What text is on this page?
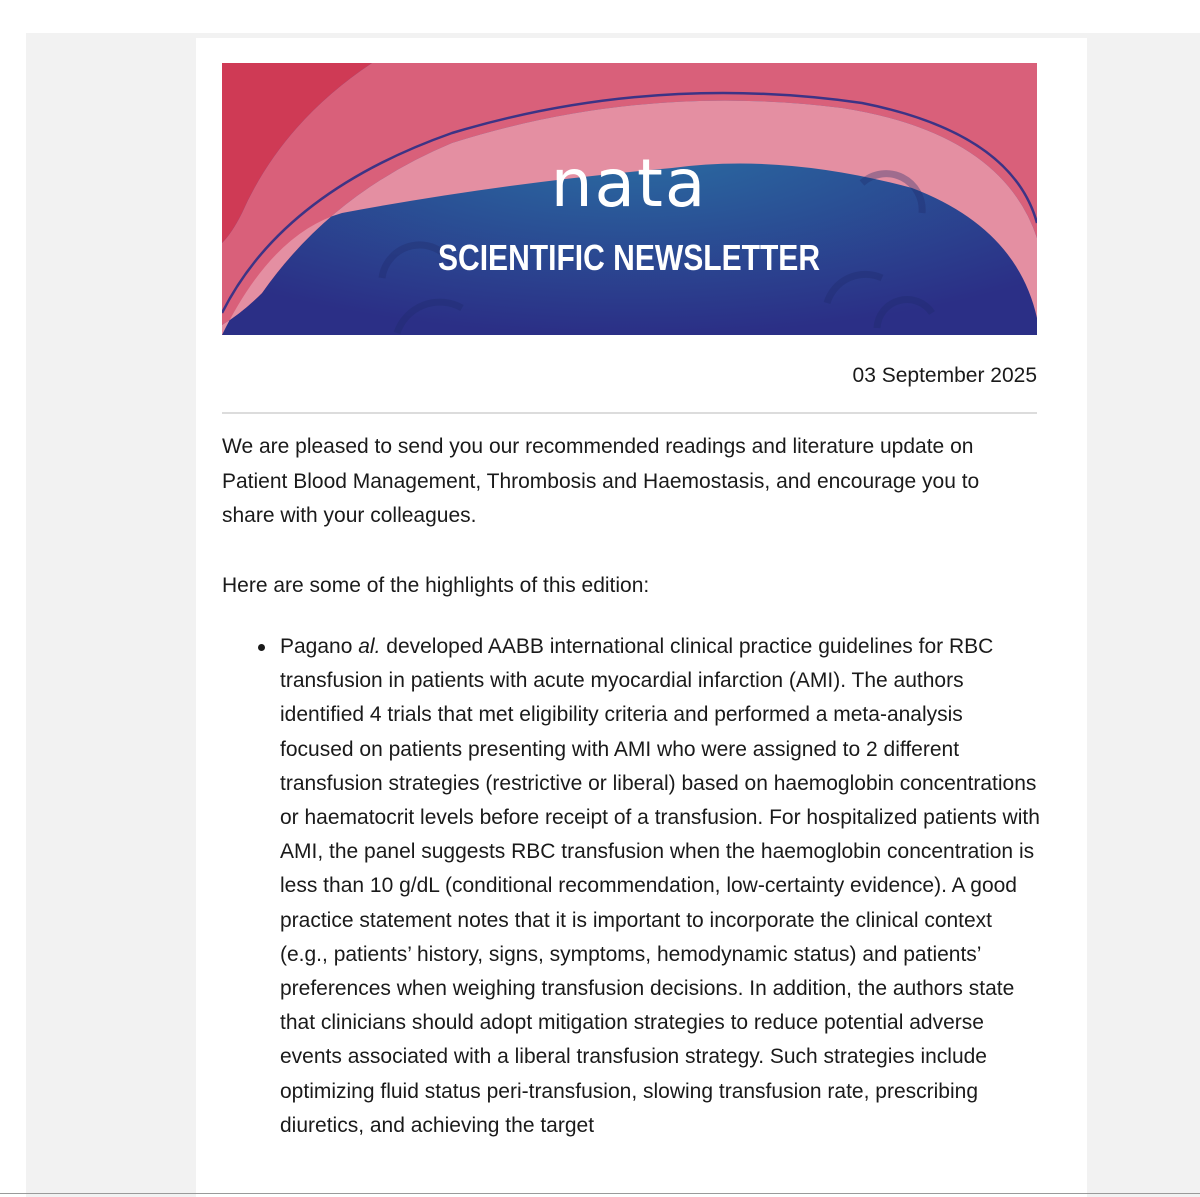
nata
SCIENTIFIC NEWSLETTER
03 September 2025

We are pleased to send you our recommended readings and literature update on Patient Blood Management, Thrombosis and Haemostasis, and encourage you to share with your colleagues.

Here are some of the highlights of this edition:

Pagano al. developed AABB international clinical practice guidelines for RBC transfusion in patients with acute myocardial infarction (AMI). The authors identified 4 trials that met eligibility criteria and performed a meta-analysis focused on patients presenting with AMI who were assigned to 2 different transfusion strategies (restrictive or liberal) based on haemoglobin concentrations or haematocrit levels before receipt of a transfusion. For hospitalized patients with AMI, the panel suggests RBC transfusion when the haemoglobin concentration is less than 10 g/dL (conditional recommendation, low-certainty evidence). A good practice statement notes that it is important to incorporate the clinical context (e.g., patients’ history, signs, symptoms, hemodynamic status) and patients’ preferences when weighing transfusion decisions. In addition, the authors state that clinicians should adopt mitigation strategies to reduce potential adverse events associated with a liberal transfusion strategy. Such strategies include optimizing fluid status peri-transfusion, slowing transfusion rate, prescribing diuretics, and achieving the target
